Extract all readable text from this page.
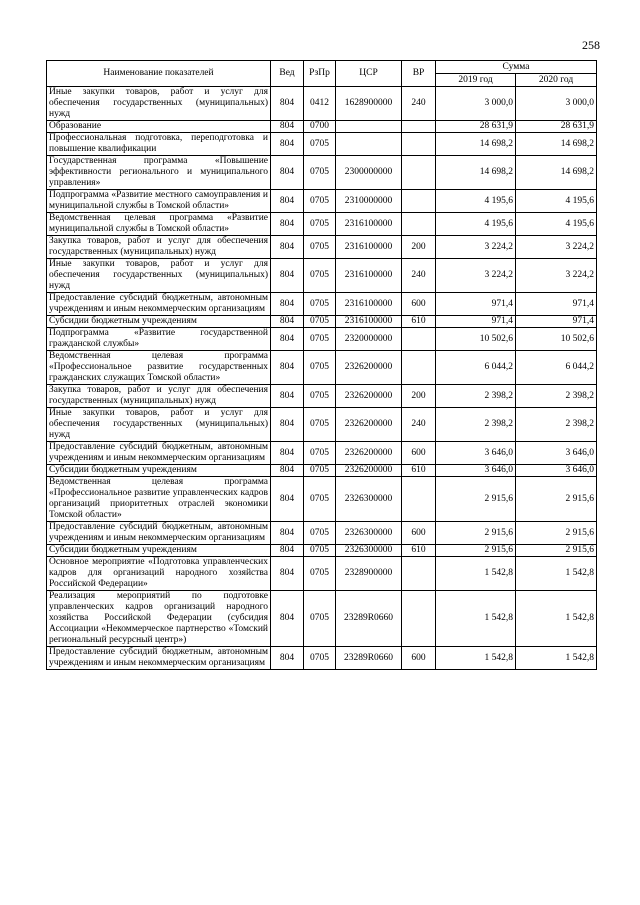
258
Наименование показателей	Вед	РзПр	ЦСР	ВР	Сумма	
					2019 год	2020 год
Иные закупки товаров, работ и услуг для обеспечения государственных (муниципальных) нужд	804	0412	1628900000	240	3 000,0	3 000,0
Образование	804	0700			28 631,9	28 631,9
Профессиональная подготовка, переподготовка и повышение квалификации	804	0705			14 698,2	14 698,2
Государственная программа «Повышение эффективности регионального и муниципального управления»	804	0705	2300000000		14 698,2	14 698,2
Подпрограмма «Развитие местного самоуправления и муниципальной службы в Томской области»	804	0705	2310000000		4 195,6	4 195,6
Ведомственная целевая программа «Развитие муниципальной службы в Томской области»	804	0705	2316100000		4 195,6	4 195,6
Закупка товаров, работ и услуг для обеспечения государственных (муниципальных) нужд	804	0705	2316100000	200	3 224,2	3 224,2
Иные закупки товаров, работ и услуг для обеспечения государственных (муниципальных) нужд	804	0705	2316100000	240	3 224,2	3 224,2
Предоставление субсидий бюджетным, автономным учреждениям и иным некоммерческим организациям	804	0705	2316100000	600	971,4	971,4
Субсидии бюджетным учреждениям	804	0705	2316100000	610	971,4	971,4
Подпрограмма «Развитие государственной гражданской службы»	804	0705	2320000000		10 502,6	10 502,6
Ведомственная целевая программа «Профессиональное развитие государственных гражданских служащих Томской области»	804	0705	2326200000		6 044,2	6 044,2
Закупка товаров, работ и услуг для обеспечения государственных (муниципальных) нужд	804	0705	2326200000	200	2 398,2	2 398,2
Иные закупки товаров, работ и услуг для обеспечения государственных (муниципальных) нужд	804	0705	2326200000	240	2 398,2	2 398,2
Предоставление субсидий бюджетным, автономным учреждениям и иным некоммерческим организациям	804	0705	2326200000	600	3 646,0	3 646,0
Субсидии бюджетным учреждениям	804	0705	2326200000	610	3 646,0	3 646,0
Ведомственная целевая программа «Профессиональное развитие управленческих кадров организаций приоритетных отраслей экономики Томской области»	804	0705	2326300000		2 915,6	2 915,6
Предоставление субсидий бюджетным, автономным учреждениям и иным некоммерческим организациям	804	0705	2326300000	600	2 915,6	2 915,6
Субсидии бюджетным учреждениям	804	0705	2326300000	610	2 915,6	2 915,6
Основное мероприятие «Подготовка управленческих кадров для организаций народного хозяйства Российской Федерации»	804	0705	2328900000		1 542,8	1 542,8
Реализация мероприятий по подготовке управленческих кадров организаций народного хозяйства Российской Федерации (субсидия Ассоциации «Некоммерческое партнерство «Томский региональный ресурсный центр»)	804	0705	23289R0660		1 542,8	1 542,8
Предоставление субсидий бюджетным, автономным учреждениям и иным некоммерческим организациям	804	0705	23289R0660	600	1 542,8	1 542,8
